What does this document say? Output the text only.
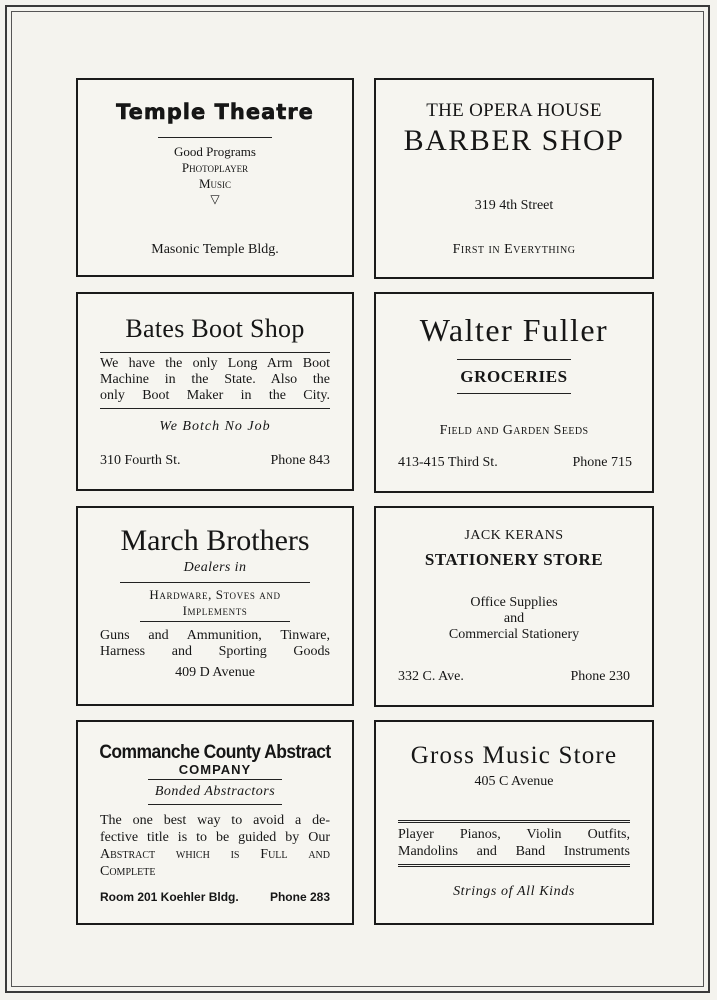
Temple Theatre

Good Programs

Photoplayer

Music

▽

Masonic Temple Bldg.

THE OPERA HOUSE

BARBER SHOP

319 4th Street

First in Everything

Bates Boot Shop

We have the only Long Arm Boot

Machine in the State. Also the

only Boot Maker in the City.

We Botch No Job

310 Fourth St.	Phone 843

Walter Fuller

GROCERIES

Field and Garden Seeds

413-415 Third St.	Phone 715

March Brothers

Dealers in

Hardware, Stoves and

Implements

Guns and Ammunition, Tinware,

Harness and Sporting Goods

409 D Avenue

JACK KERANS

STATIONERY STORE

Office Supplies

and

Commercial Stationery

332 C. Ave.	Phone 230

Commanche County Abstract

COMPANY

Bonded Abstractors

The one best way to avoid a de-

fective title is to be guided by Our

Abstract which is Full and

Complete

Room 201 Koehler Bldg.	Phone 283

Gross Music Store

405 C Avenue

Player Pianos, Violin Outfits,

Mandolins and Band Instruments

Strings of All Kinds
